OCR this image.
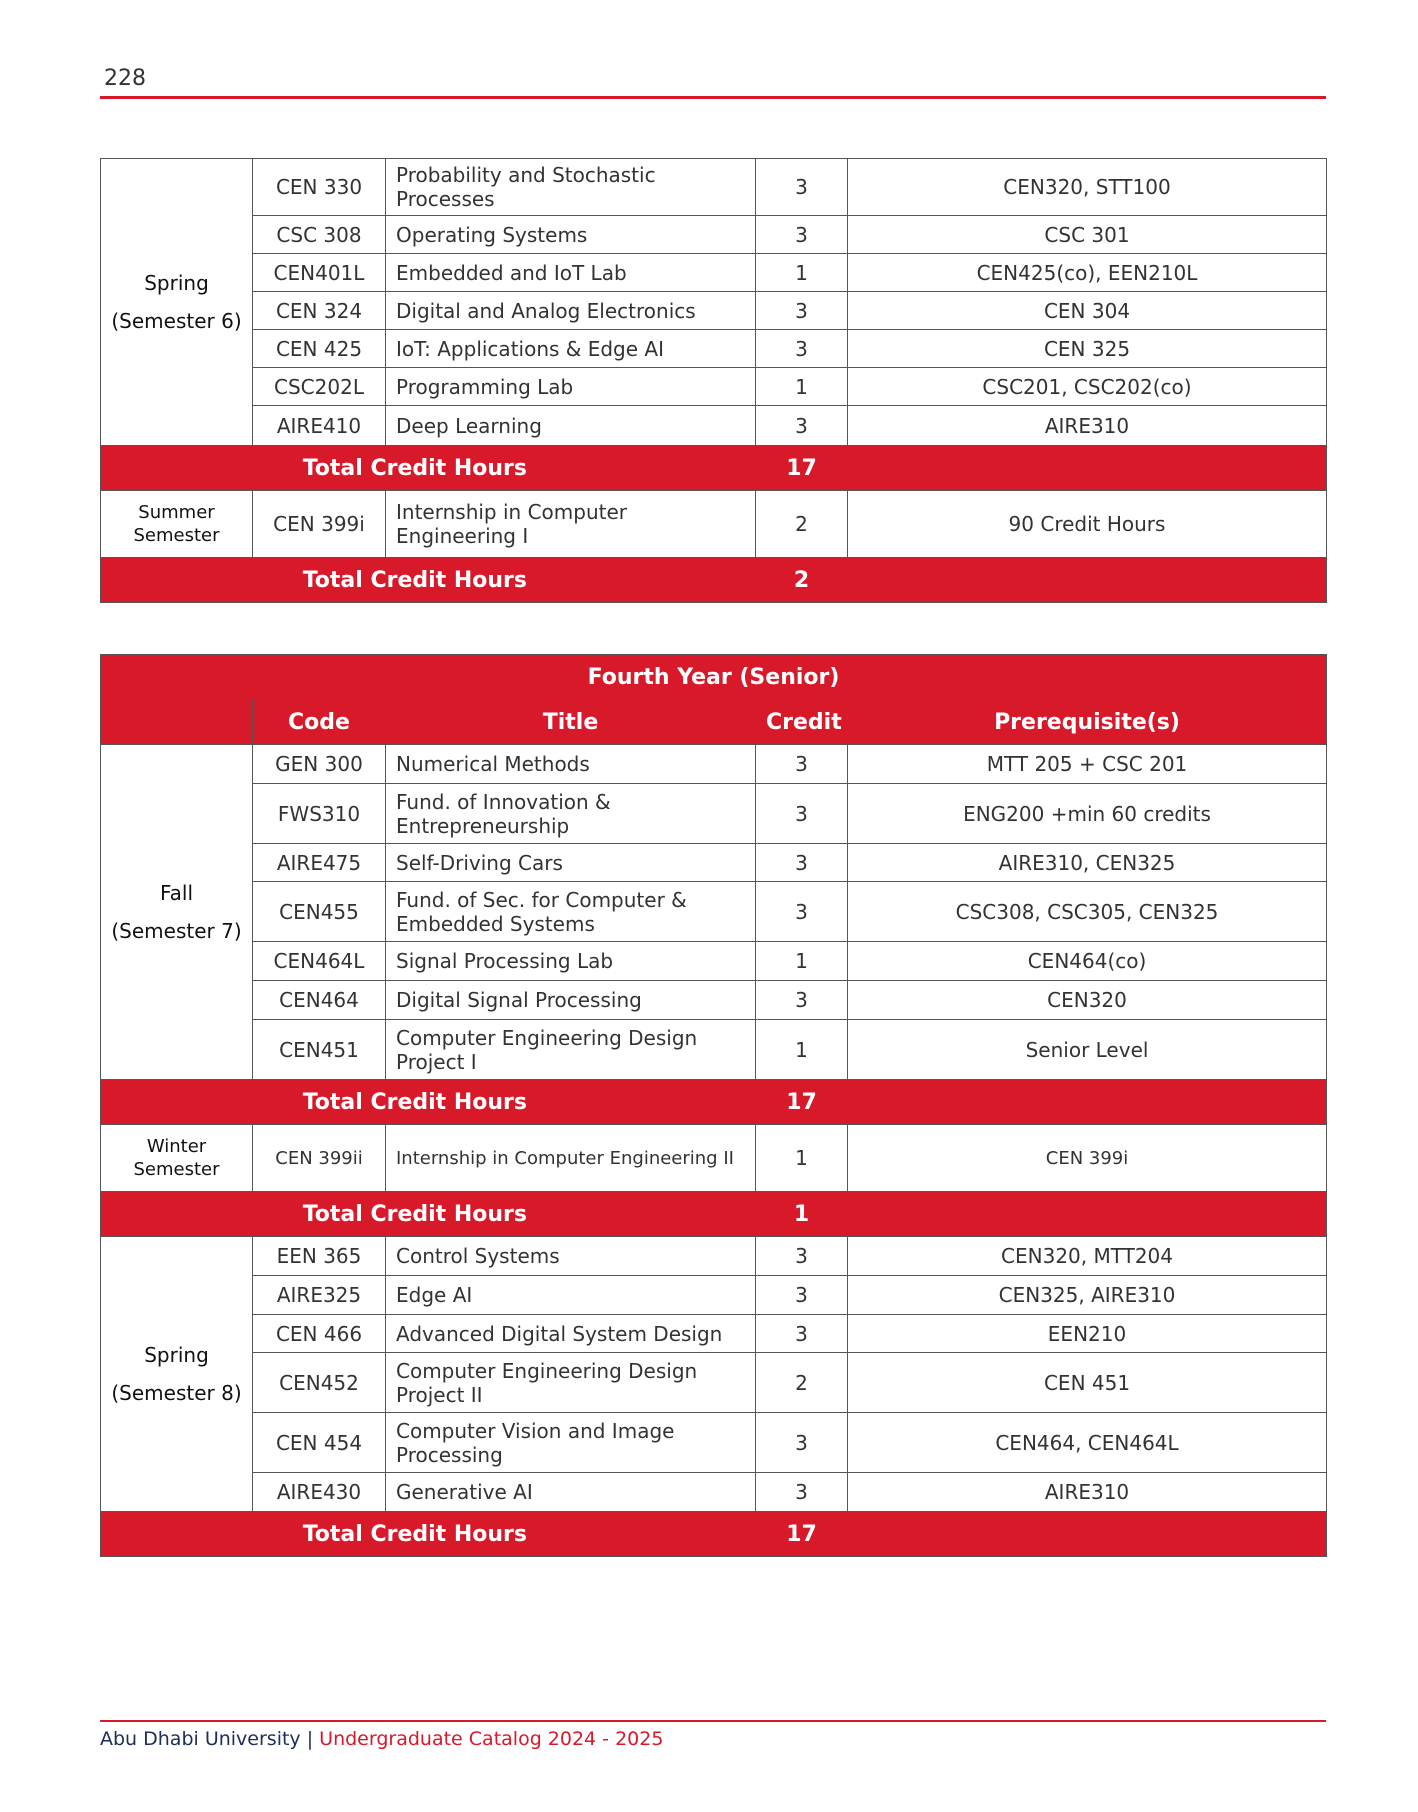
228
Spring

(Semester 6)	CEN 330	Probability and Stochastic Processes	3	CEN320, STT100
	CSC 308	Operating Systems	3	CSC 301
	CEN401L	Embedded and IoT Lab	1	CEN425(co), EEN210L
	CEN 324	Digital and Analog Electronics	3	CEN 304
	CEN 425	IoT: Applications & Edge AI	3	CEN 325
	CSC202L	Programming Lab	1	CSC201, CSC202(co)
	AIRE410	Deep Learning	3	AIRE310
Total Credit Hours			17	
Summer

Semester	CEN 399i	Internship in Computer Engineering I	2	90 Credit Hours
Total Credit Hours			2	
Fourth Year (Senior)				
	Code	Title	Credit	Prerequisite(s)
Fall

(Semester 7)	GEN 300	Numerical Methods	3	MTT 205 + CSC 201
	FWS310	Fund. of Innovation & Entrepreneurship	3	ENG200 +min 60 credits
	AIRE475	Self-Driving Cars	3	AIRE310, CEN325
	CEN455	Fund. of Sec. for Computer & Embedded Systems	3	CSC308, CSC305, CEN325
	CEN464L	Signal Processing Lab	1	CEN464(co)
	CEN464	Digital Signal Processing	3	CEN320
	CEN451	Computer Engineering Design Project I	1	Senior Level
Total Credit Hours			17	
Winter

Semester	CEN 399ii	Internship in Computer Engineering II	1	CEN 399i
Total Credit Hours			1	
Spring

(Semester 8)	EEN 365	Control Systems	3	CEN320, MTT204
	AIRE325	Edge AI	3	CEN325, AIRE310
	CEN 466	Advanced Digital System Design	3	EEN210
	CEN452	Computer Engineering Design Project II	2	CEN 451
	CEN 454	Computer Vision and Image Processing	3	CEN464, CEN464L
	AIRE430	Generative AI	3	AIRE310
Total Credit Hours			17	
Abu Dhabi University | Undergraduate Catalog 2024 - 2025
